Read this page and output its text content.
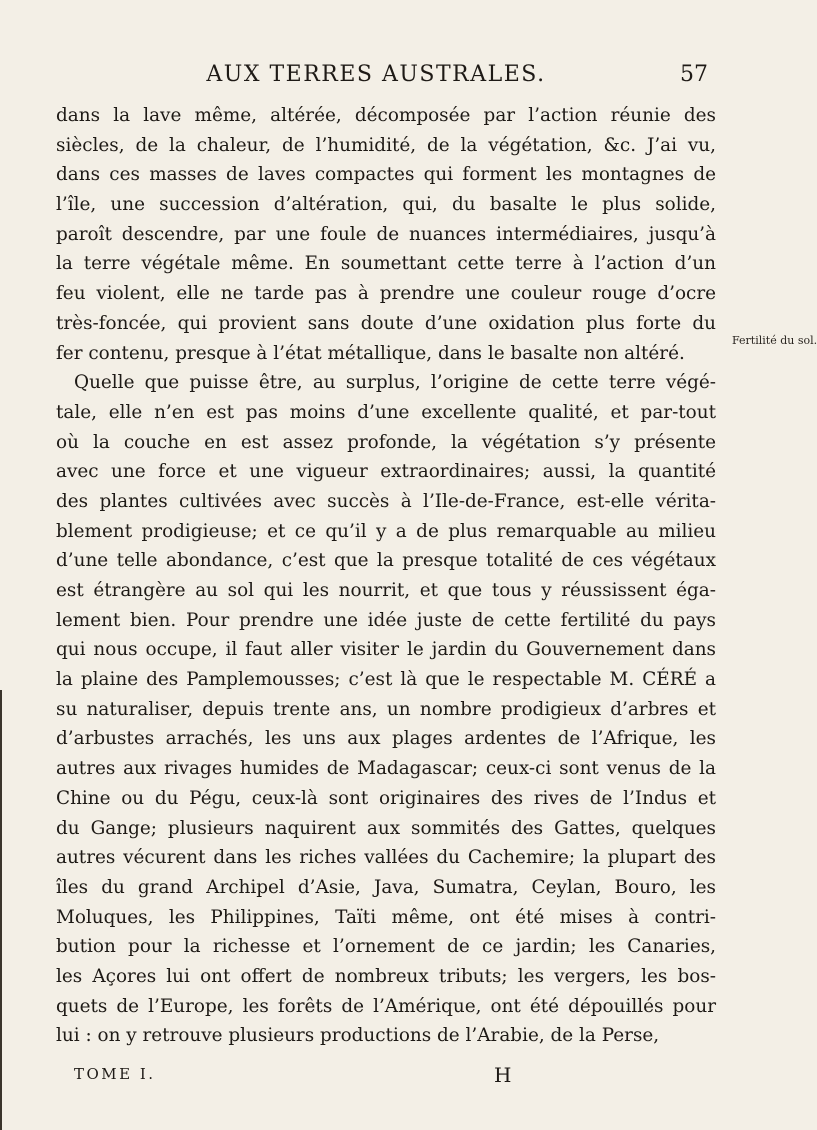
AUX TERRES AUSTRALES.	57
dans la lave même, altérée, décomposée par l’action réunie des
siècles, de la chaleur, de l’humidité, de la végétation, &c. J’ai vu,
dans ces masses de laves compactes qui forment les montagnes de
l’île, une succession d’altération, qui, du basalte le plus solide,
paroît descendre, par une foule de nuances intermédiaires, jusqu’à
la terre végétale même. En soumettant cette terre à l’action d’un
feu violent, elle ne tarde pas à prendre une couleur rouge d’ocre
très-foncée, qui provient sans doute d’une oxidation plus forte du
fer contenu, presque à l’état métallique, dans le basalte non altéré.
Quelle que puisse être, au surplus, l’origine de cette terre végé-
tale, elle n’en est pas moins d’une excellente qualité, et par-tout
où la couche en est assez profonde, la végétation s’y présente
avec une force et une vigueur extraordinaires; aussi, la quantité
des plantes cultivées avec succès à l’Ile-de-France, est-elle vérita-
blement prodigieuse; et ce qu’il y a de plus remarquable au milieu
d’une telle abondance, c’est que la presque totalité de ces végétaux
est étrangère au sol qui les nourrit, et que tous y réussissent éga-
lement bien. Pour prendre une idée juste de cette fertilité du pays
qui nous occupe, il faut aller visiter le jardin du Gouvernement dans
la plaine des Pamplemousses; c’est là que le respectable M. CÉRÉ a
su naturaliser, depuis trente ans, un nombre prodigieux d’arbres et
d’arbustes arrachés, les uns aux plages ardentes de l’Afrique, les
autres aux rivages humides de Madagascar; ceux-ci sont venus de la
Chine ou du Pégu, ceux-là sont originaires des rives de l’Indus et
du Gange; plusieurs naquirent aux sommités des Gattes, quelques
autres vécurent dans les riches vallées du Cachemire; la plupart des
îles du grand Archipel d’Asie, Java, Sumatra, Ceylan, Bouro, les
Moluques, les Philippines, Taïti même, ont été mises à contri-
bution pour la richesse et l’ornement de ce jardin; les Canaries,
les Açores lui ont offert de nombreux tributs; les vergers, les bos-
quets de l’Europe, les forêts de l’Amérique, ont été dépouillés pour
lui : on y retrouve plusieurs productions de l’Arabie, de la Perse,
Fertilité du sol.
TOME I.	H
